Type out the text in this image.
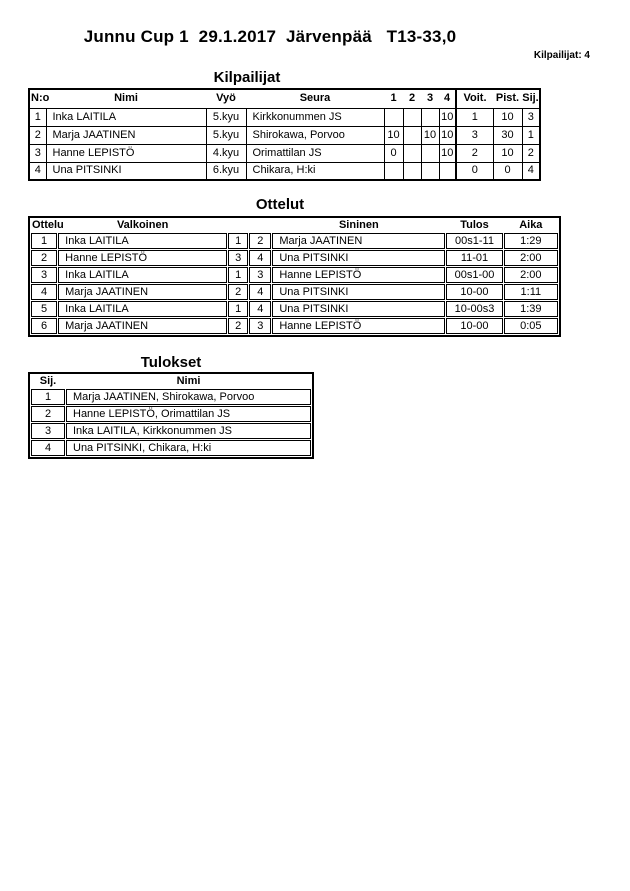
Junnu Cup 1  29.1.2017  Järvenpää   T13-33,0
Kilpailijat: 4
Kilpailijat
N:o	Nimi	Vyö	Seura	1	2	3	4	Voit.	Pist.	Sij.
1	Inka LAITILA	5.kyu	Kirkkonummen JS				10	1	10	3
2	Marja JAATINEN	5.kyu	Shirokawa, Porvoo	10		10	10	3	30	1
3	Hanne LEPISTÖ	4.kyu	Orimattilan JS	0			10	2	10	2
4	Una PITSINKI	6.kyu	Chikara, H:ki					0	0	4
Ottelut
Ottelu	Valkoinen			Sininen	Tulos	Aika
1	Inka LAITILA	1	2	Marja JAATINEN	00s1-11	1:29
2	Hanne LEPISTÖ	3	4	Una PITSINKI	11-01	2:00
3	Inka LAITILA	1	3	Hanne LEPISTÖ	00s1-00	2:00
4	Marja JAATINEN	2	4	Una PITSINKI	10-00	1:11
5	Inka LAITILA	1	4	Una PITSINKI	10-00s3	1:39
6	Marja JAATINEN	2	3	Hanne LEPISTÖ	10-00	0:05
Tulokset
Sij.	Nimi
1	Marja JAATINEN, Shirokawa, Porvoo
2	Hanne LEPISTÖ, Orimattilan JS
3	Inka LAITILA, Kirkkonummen JS
4	Una PITSINKI, Chikara, H:ki
